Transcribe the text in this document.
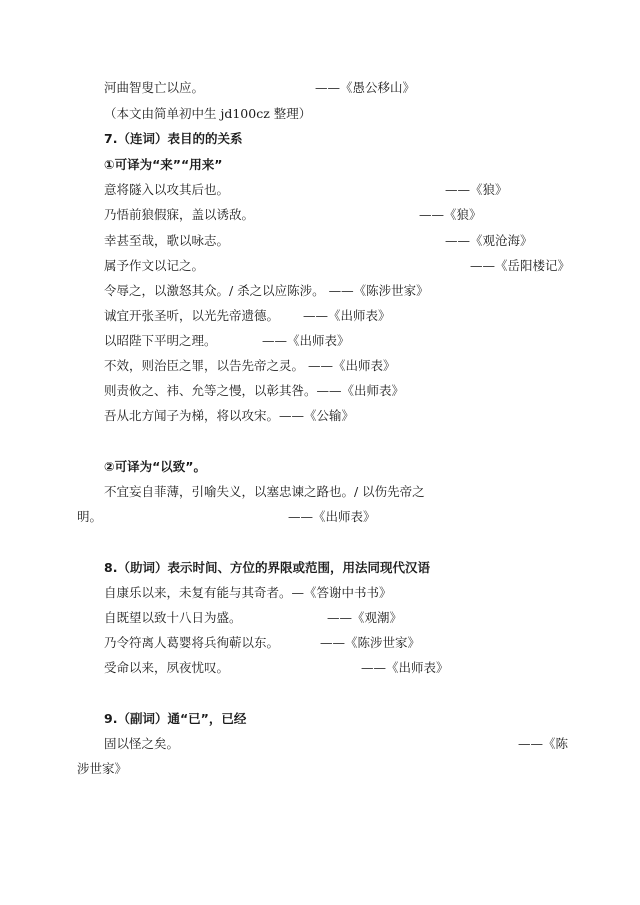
河曲智叟亡以应。	——《愚公移山》
（本文由简单初中生 jd100cz 整理）
7.（连词）表目的的关系
①可译为“来”“用来”
意将隧入以攻其后也。	——《狼》
乃悟前狼假寐，盖以诱敌。	——《狼》
幸甚至哉，歌以咏志。	——《观沧海》
属予作文以记之。	——《岳阳楼记》
令辱之，以激怒其众。/ 杀之以应陈涉。 ——《陈涉世家》
诚宜开张圣听，以光先帝遗德。 ——《出师表》
以昭陛下平明之理。	——《出师表》
不效，则治臣之罪，以告先帝之灵。 ——《出师表》
则责攸之、祎、允等之慢，以彰其咎。——《出师表》
吾从北方闻子为梯，将以攻宋。——《公输》
②可译为“以致”。
不宜妄自菲薄，引喻失义，以塞忠谏之路也。/ 以伤先帝之
明。	——《出师表》
8.（助词）表示时间、方位的界限或范围，用法同现代汉语
自康乐以来，未复有能与其奇者。—《答谢中书书》
自既望以致十八日为盛。	——《观潮》
乃令符离人葛婴将兵徇蕲以东。	——《陈涉世家》
受命以来，夙夜忧叹。	——《出师表》
9.（副词）通“已”，已经
固以怪之矣。	——《陈
涉世家》
